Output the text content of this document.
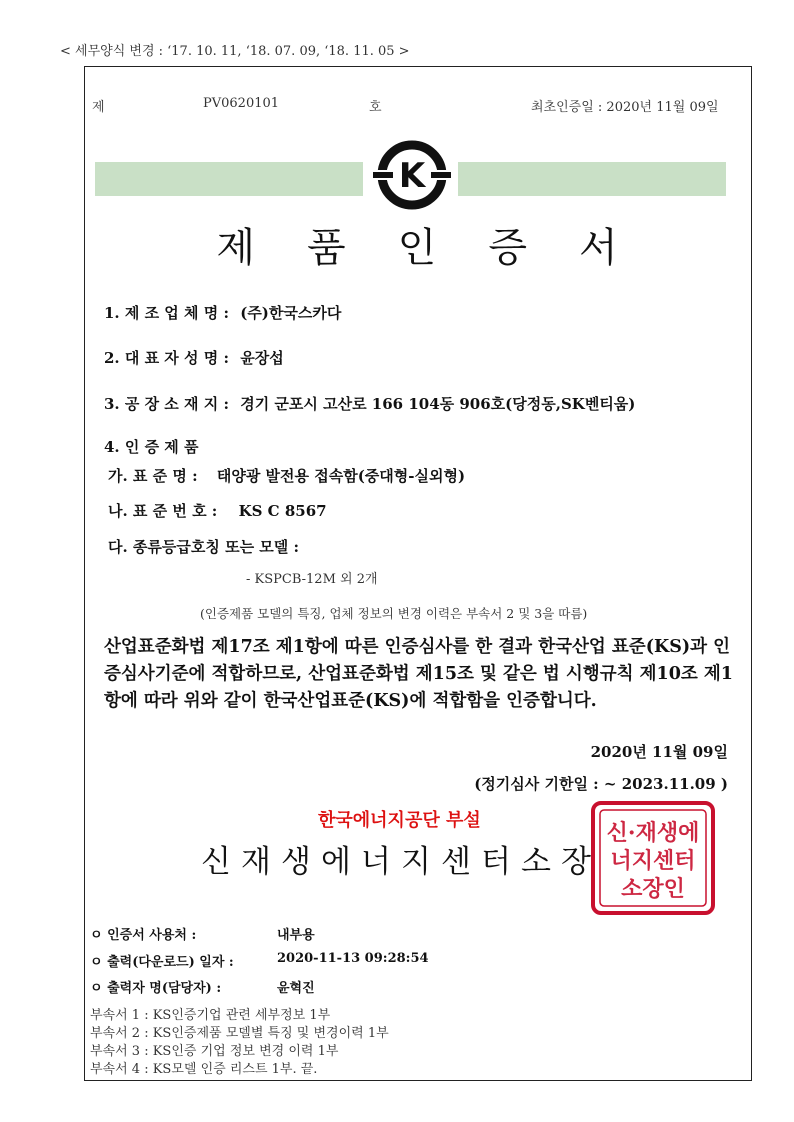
< 세무양식 변경 : ‘17. 10. 11, ‘18. 07. 09, ‘18. 11. 05 >
제	PV0620101	호	최초인증일 : 2020년 11월 09일
K
제 품 인 증 서
1. 제 조 업 체 명 : (주)한국스카다
2. 대 표 자 성 명 : 윤장섭
3. 공 장 소 재 지 : 경기 군포시 고산로 166 104동 906호(당정동,SK벤티움)
4. 인 증 제 품
가. 표 준 명 : 태양광 발전용 접속함(중대형-실외형)
나. 표 준 번 호 : KS C 8567
다. 종류등급호칭 또는 모델 :
- KSPCB-12M 외 2개
(인증제품 모델의 특징, 업체 정보의 변경 이력은 부속서 2 및 3을 따름)
산업표준화법 제17조 제1항에 따른 인증심사를 한 결과 한국산업 표준(KS)과 인증심사기준에 적합하므로, 산업표준화법 제15조 및 같은 법 시행규칙 제10조 제1항에 따라 위와 같이 한국산업표준(KS)에 적합함을 인증합니다.
2020년 11월 09일
(정기심사 기한일 : ~ 2023.11.09 )
한국에너지공단 부설
신 재 생 에 너 지 센 터 소 장
신·재생에
너지센터
소장인
ㅇ 인증서 사용처 :	내부용
ㅇ 출력(다운로드) 일자 :	2020-11-13 09:28:54
ㅇ 출력자 명(담당자) :	윤혁진
부속서 1 : KS인증기업 관련 세부정보 1부
부속서 2 : KS인증제품 모델별 특징 및 변경이력 1부
부속서 3 : KS인증 기업 정보 변경 이력 1부
부속서 4 : KS모델 인증 리스트 1부. 끝.
